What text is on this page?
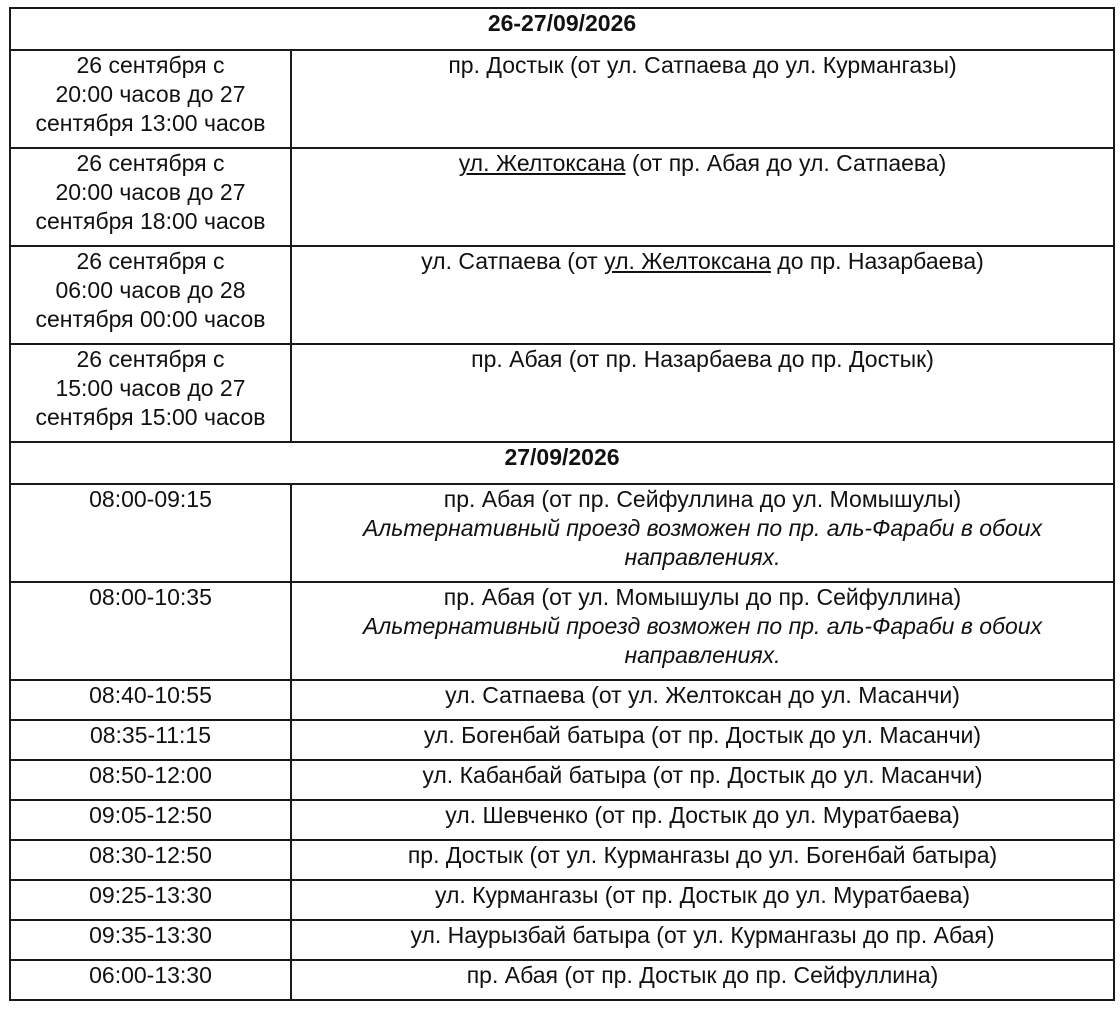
26-27/09/2026	

26 сентября с
20:00 часов до 27
сентября 13:00 часов	пр. Достык (от ул. Сатпаева до ул. Курмангазы)

26 сентября с
20:00 часов до 27
сентября 18:00 часов	ул. Желтоксана (от пр. Абая до ул. Сатпаева)

26 сентября с
06:00 часов до 28
сентября 00:00 часов	ул. Сатпаева (от ул. Желтоксана до пр. Назарбаева)

26 сентября с
15:00 часов до 27
сентября 15:00 часов	пр. Абая (от пр. Назарбаева до пр. Достык)
27/09/2026	
08:00-09:15	пр. Абая (от пр. Сейфуллина до ул. Момышулы)
Альтернативный проезд возможен по пр. аль-Фараби в обоих
направлениях.

08:00-10:35	пр. Абая (от ул. Момышулы до пр. Сейфуллина)
Альтернативный проезд возможен по пр. аль-Фараби в обоих
направлениях.

08:40-10:55	ул. Сатпаева (от ул. Желтоксан до ул. Масанчи)
08:35-11:15	ул. Богенбай батыра (от пр. Достык до ул. Масанчи)
08:50-12:00	ул. Кабанбай батыра (от пр. Достык до ул. Масанчи)
09:05-12:50	ул. Шевченко (от пр. Достык до ул. Муратбаева)
08:30-12:50	пр. Достык (от ул. Курмангазы до ул. Богенбай батыра)
09:25-13:30	ул. Курмангазы (от пр. Достык до ул. Муратбаева)
09:35-13:30	ул. Наурызбай батыра (от ул. Курмангазы до пр. Абая)
06:00-13:30	пр. Абая (от пр. Достык до пр. Сейфуллина)
